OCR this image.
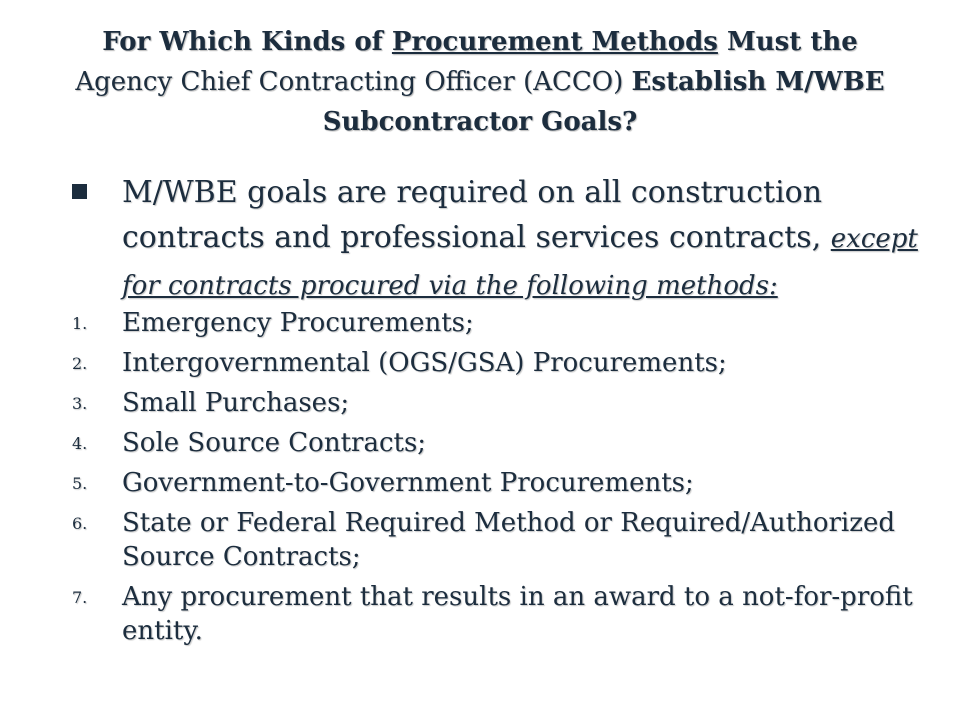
For Which Kinds of Procurement Methods Must the Agency Chief Contracting Officer (ACCO) Establish M/WBE Subcontractor Goals?
M/WBE goals are required on all construction contracts and professional services contracts, except for contracts procured via the following methods:
1. Emergency Procurements;
2. Intergovernmental (OGS/GSA) Procurements;
3. Small Purchases;
4. Sole Source Contracts;
5. Government-to-Government Procurements;
6. State or Federal Required Method or Required/Authorized Source Contracts;
7. Any procurement that results in an award to a not-for-profit entity.
